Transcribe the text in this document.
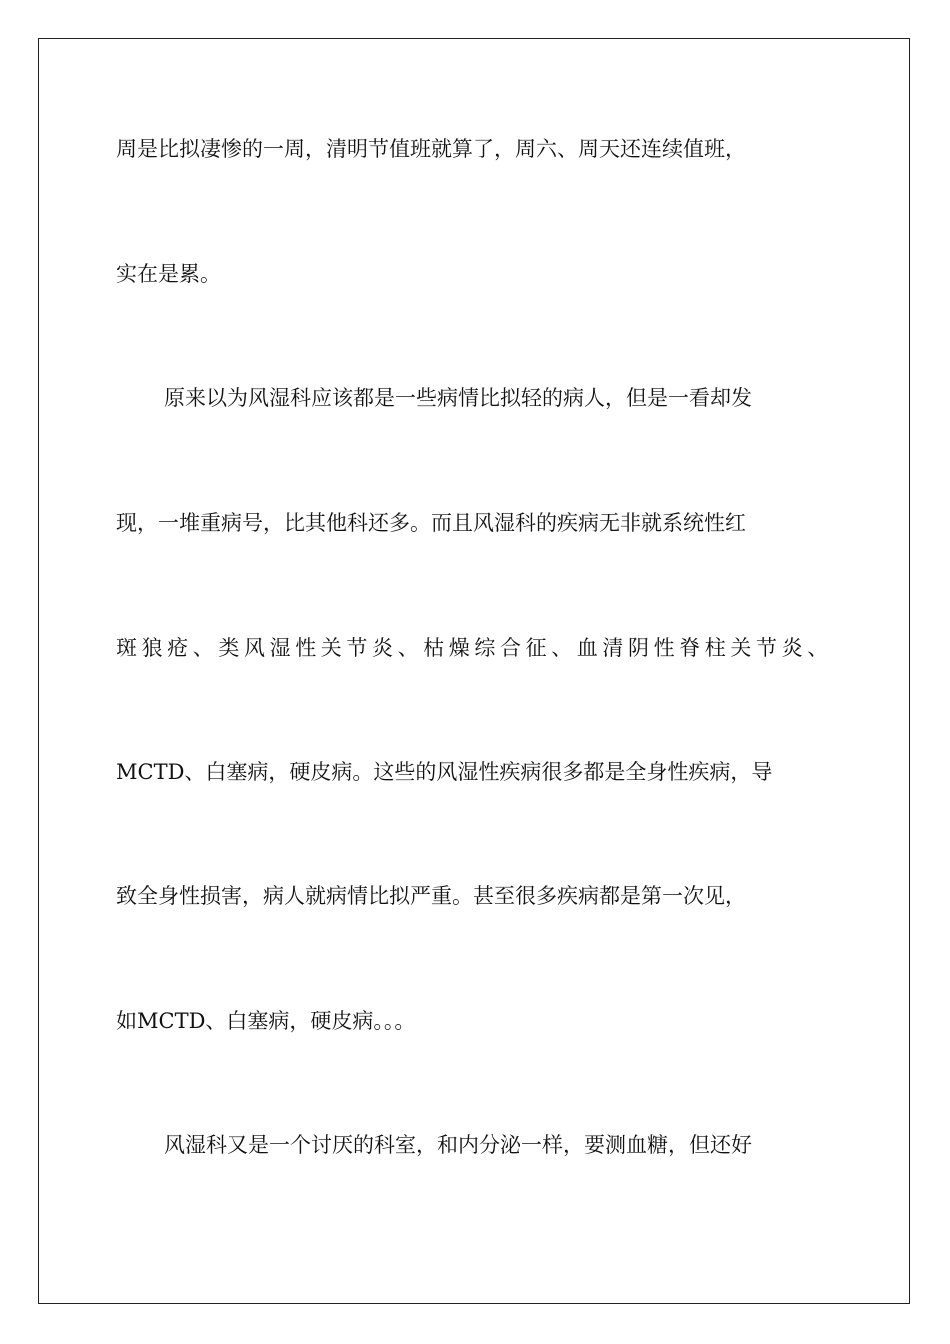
周是比拟凄惨的一周，清明节值班就算了，周六、周天还连续值班，
实在是累。
原来以为风湿科应该都是一些病情比拟轻的病人，但是一看却发
现，一堆重病号，比其他科还多。而且风湿科的疾病无非就系统性红
斑狼疮、类风湿性关节炎、枯燥综合征、血清阴性脊柱关节炎、
MCTD、白塞病，硬皮病。这些的风湿性疾病很多都是全身性疾病，导
致全身性损害，病人就病情比拟严重。甚至很多疾病都是第一次见，
如MCTD、白塞病，硬皮病。。。
风湿科又是一个讨厌的科室，和内分泌一样，要测血糖，但还好
